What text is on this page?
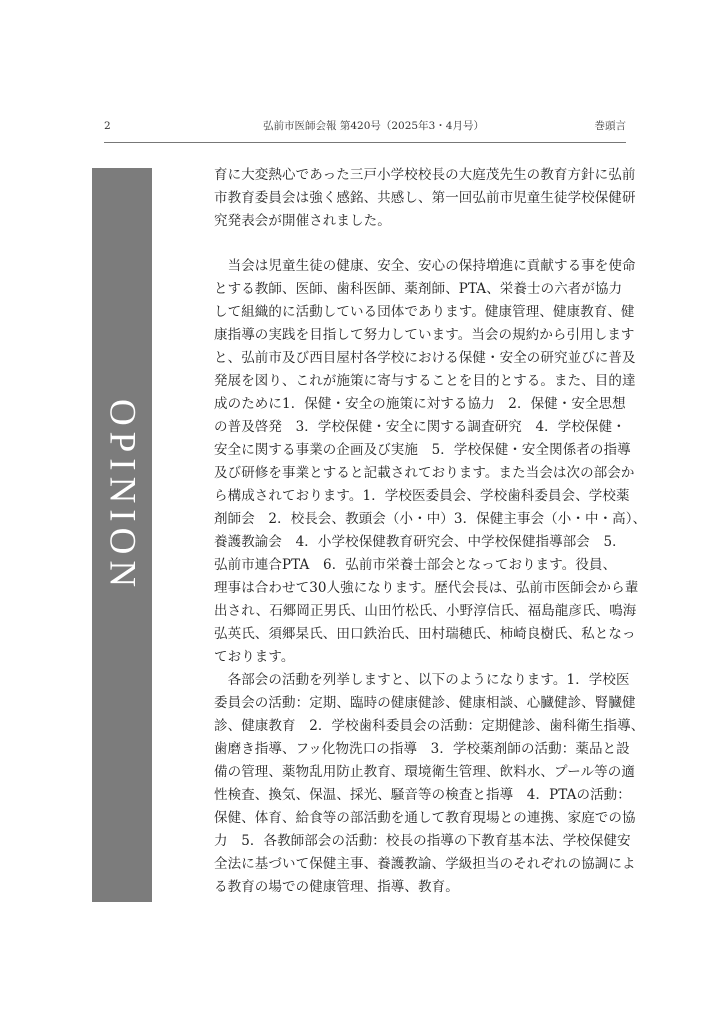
2	弘前市医師会報 第420号（2025年3・4月号）	巻頭言
OPINION
育に大変熱心であった三戸小学校校長の大庭茂先生の教育方針に弘前
市教育委員会は強く感銘、共感し、第一回弘前市児童生徒学校保健研
究発表会が開催されました。
　当会は児童生徒の健康、安全、安心の保持増進に貢献する事を使命
とする教師、医師、歯科医師、薬剤師、PTA、栄養士の六者が協力
して組織的に活動している団体であります。健康管理、健康教育、健
康指導の実践を目指して努力しています。当会の規約から引用します
と、弘前市及び西目屋村各学校における保健・安全の研究並びに普及
発展を図り、これが施策に寄与することを目的とする。また、目的達
成のために1．保健・安全の施策に対する協力　2．保健・安全思想
の普及啓発　3．学校保健・安全に関する調査研究　4．学校保健・
安全に関する事業の企画及び実施　5．学校保健・安全関係者の指導
及び研修を事業とすると記載されております。また当会は次の部会か
ら構成されております。1．学校医委員会、学校歯科委員会、学校薬
剤師会　2．校長会、教頭会（小・中）3．保健主事会（小・中・高）、
養護教諭会　4．小学校保健教育研究会、中学校保健指導部会　5．
弘前市連合PTA　6．弘前市栄養士部会となっております。役員、
理事は合わせて30人強になります。歴代会長は、弘前市医師会から輩
出され、石郷岡正男氏、山田竹松氏、小野淳信氏、福島龍彦氏、鳴海
弘英氏、須郷杲氏、田口鉄治氏、田村瑞穂氏、柿崎良樹氏、私となっ
ております。
　各部会の活動を列挙しますと、以下のようになります。1．学校医
委員会の活動：定期、臨時の健康健診、健康相談、心臓健診、腎臓健
診、健康教育　2．学校歯科委員会の活動：定期健診、歯科衛生指導、
歯磨き指導、フッ化物洗口の指導　3．学校薬剤師の活動：薬品と設
備の管理、薬物乱用防止教育、環境衛生管理、飲料水、プール等の適
性検査、換気、保温、採光、騒音等の検査と指導　4．PTAの活動：
保健、体育、給食等の部活動を通して教育現場との連携、家庭での協
力　5．各教師部会の活動：校長の指導の下教育基本法、学校保健安
全法に基づいて保健主事、養護教諭、学級担当のそれぞれの協調によ
る教育の場での健康管理、指導、教育。
